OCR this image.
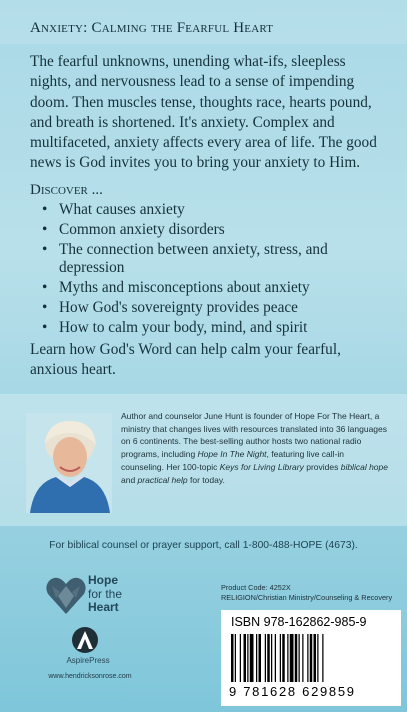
Anxiety: Calming the Fearful Heart

The fearful unknowns, unending what-ifs, sleepless nights, and nervousness lead to a sense of impending doom. Then muscles tense, thoughts race, hearts pound, and breath is shortened. It's anxiety. Complex and multifaceted, anxiety affects every area of life. The good news is God invites you to bring your anxiety to Him.

Discover ...

• What causes anxiety
• Common anxiety disorders
• The connection between anxiety, stress, and depression
• Myths and misconceptions about anxiety
• How God's sovereignty provides peace
• How to calm your body, mind, and spirit

Learn how God's Word can help calm your fearful, anxious heart.

Author and counselor June Hunt is founder of Hope For The Heart, a ministry that changes lives with resources translated into 36 languages on 6 continents. The best-selling author hosts two national radio programs, including Hope In The Night, featuring live call-in counseling. Her 100-topic Keys for Living Library provides biblical hope and practical help for today.

For biblical counsel or prayer support, call 1-800-488-HOPE (4673).
Hope
for the
Heart
AspirePress
www.hendricksonrose.com
Product Code: 4252X
RELIGION/Christian Ministry/Counseling & Recovery
ISBN 978-162862-985-9
9 781628 629859
